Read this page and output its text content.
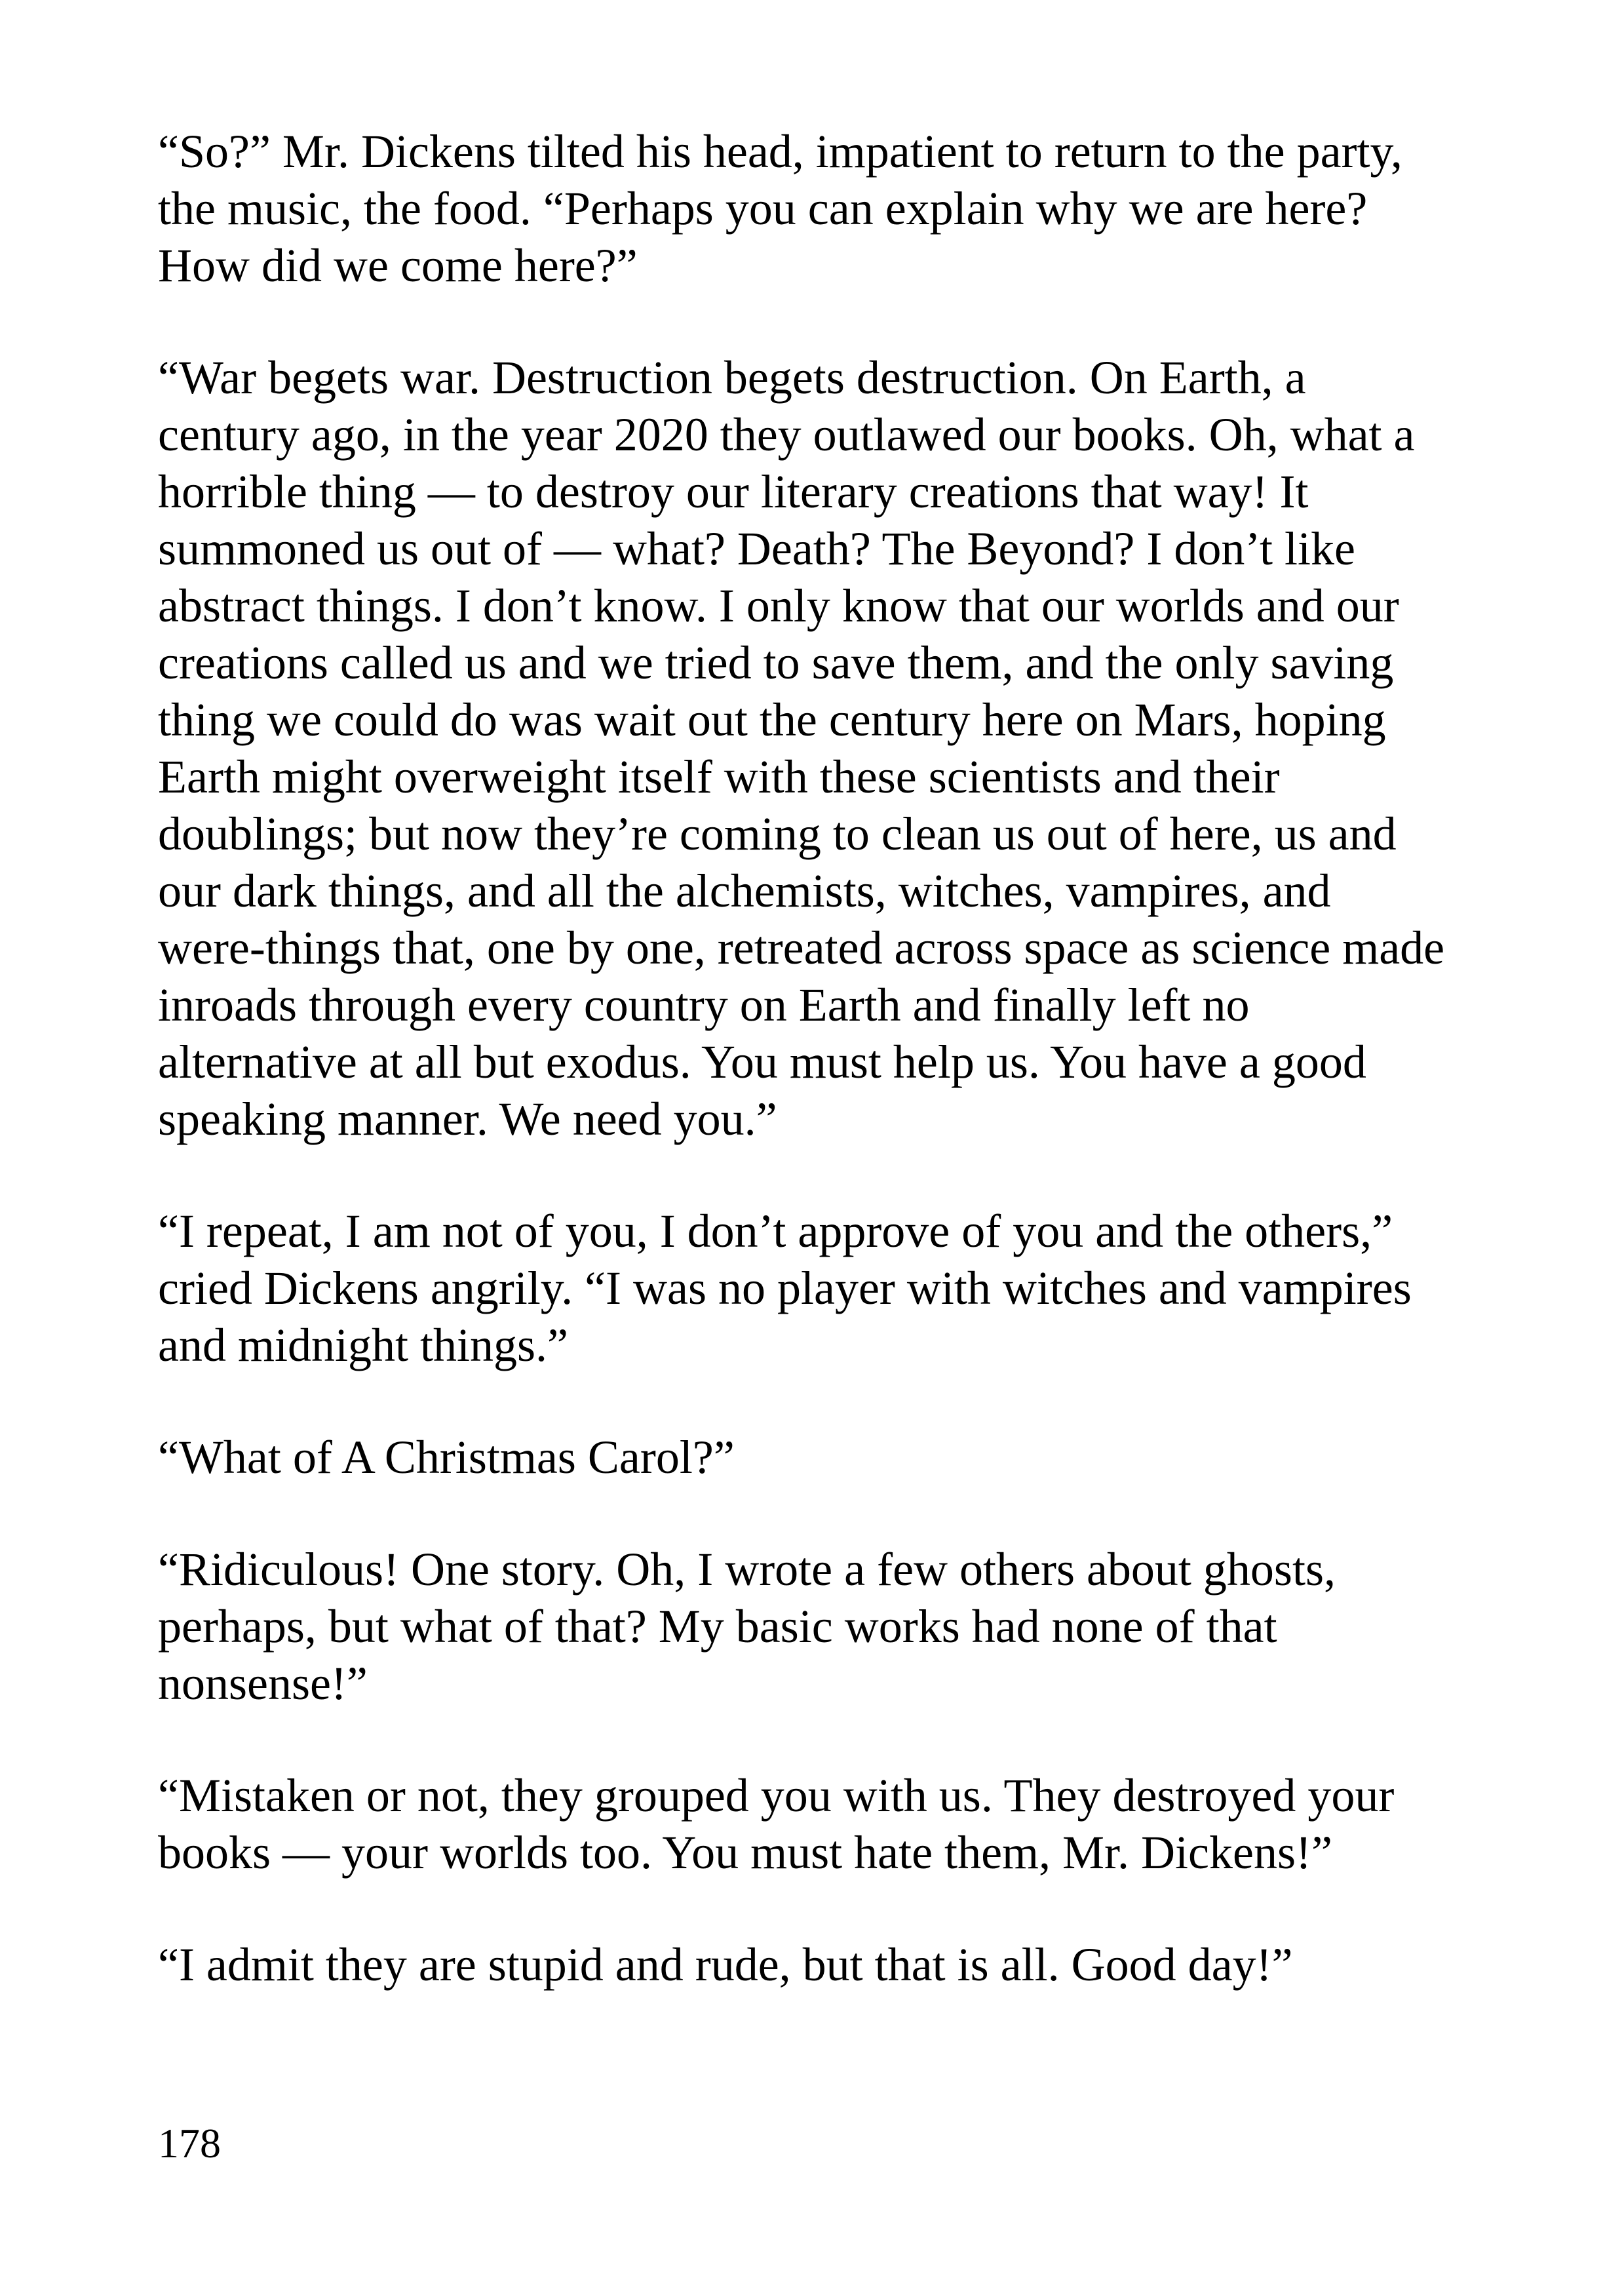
“So?” Mr. Dickens tilted his head, impatient to return to the party,
the music, the food. “Perhaps you can explain why we are here?
How did we come here?”

“War begets war. Destruction begets destruction. On Earth, a
century ago, in the year 2020 they outlawed our books. Oh, what a
horrible thing — to destroy our literary creations that way! It
summoned us out of — what? Death? The Beyond? I don’t like
abstract things. I don’t know. I only know that our worlds and our
creations called us and we tried to save them, and the only saving
thing we could do was wait out the century here on Mars, hoping
Earth might overweight itself with these scientists and their
doublings; but now they’re coming to clean us out of here, us and
our dark things, and all the alchemists, witches, vampires, and
were-things that, one by one, retreated across space as science made
inroads through every country on Earth and finally left no
alternative at all but exodus. You must help us. You have a good
speaking manner. We need you.”

“I repeat, I am not of you, I don’t approve of you and the others,”
cried Dickens angrily. “I was no player with witches and vampires
and midnight things.”

“What of A Christmas Carol?”

“Ridiculous! One story. Oh, I wrote a few others about ghosts,
perhaps, but what of that? My basic works had none of that
nonsense!”

“Mistaken or not, they grouped you with us. They destroyed your
books — your worlds too. You must hate them, Mr. Dickens!”

“I admit they are stupid and rude, but that is all. Good day!”

178
